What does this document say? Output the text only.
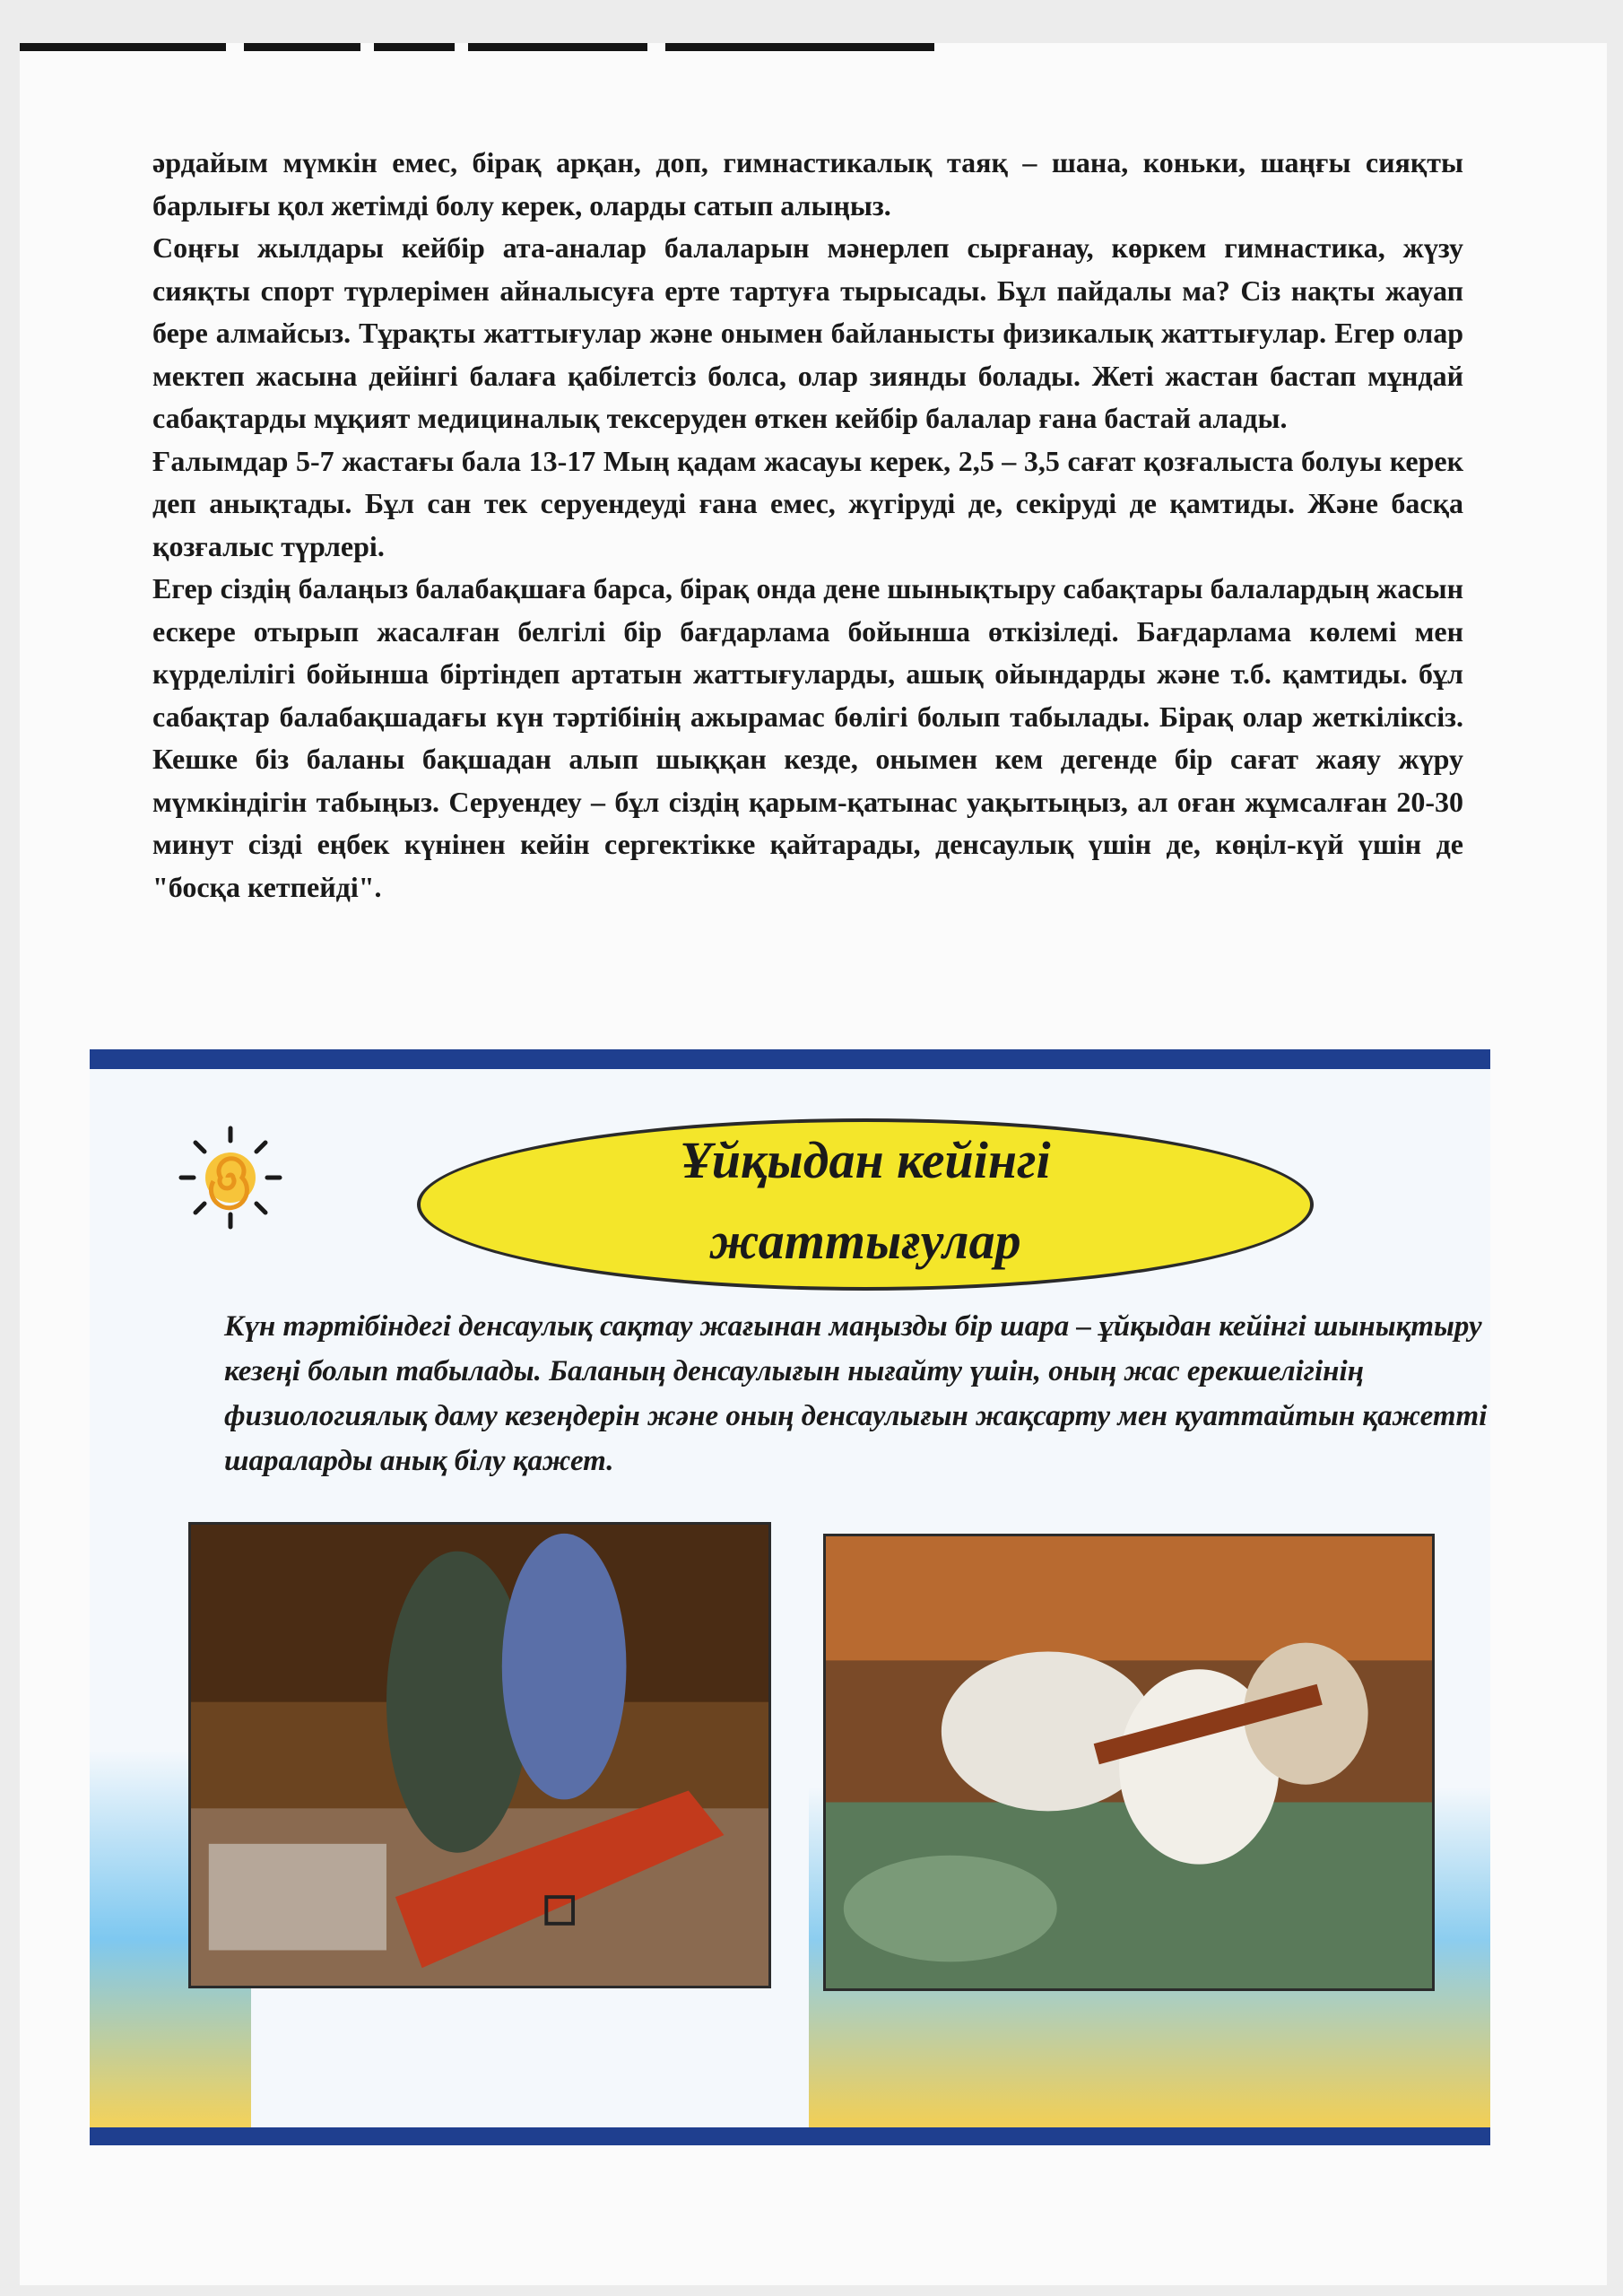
әрдайым мүмкін емес, бірақ арқан, доп, гимнастикалық таяқ – шана, коньки, шаңғы сияқты барлығы қол жетімді болу керек, оларды сатып алыңыз.

Соңғы жылдары кейбір ата-аналар балаларын мәнерлеп сырғанау, көркем гимнастика, жүзу сияқты спорт түрлерімен айналысуға ерте тартуға тырысады. Бұл пайдалы ма? Сіз нақты жауап бере алмайсыз. Тұрақты жаттығулар және онымен байланысты физикалық жаттығулар. Егер олар мектеп жасына дейінгі балаға қабілетсіз болса, олар зиянды болады. Жеті жастан бастап мұндай сабақтарды мұқият медициналық тексеруден өткен кейбір балалар ғана бастай алады.

Ғалымдар 5-7 жастағы бала 13-17 Мың қадам жасауы керек, 2,5 – 3,5 сағат қозғалыста болуы керек деп анықтады. Бұл сан тек серуендеуді ғана емес, жүгіруді де, секіруді де қамтиды. Және басқа қозғалыс түрлері.

Егер сіздің балаңыз балабақшаға барса, бірақ онда дене шынықтыру сабақтары балалардың жасын ескере отырып жасалған белгілі бір бағдарлама бойынша өткізіледі. Бағдарлама көлемі мен күрделілігі бойынша біртіндеп артатын жаттығуларды, ашық ойындарды және т.б. қамтиды. бұл сабақтар балабақшадағы күн тәртібінің ажырамас бөлігі болып табылады. Бірақ олар жеткіліксіз. Кешке біз баланы бақшадан алып шыққан кезде, онымен кем дегенде бір сағат жаяу жүру мүмкіндігін табыңыз. Серуендеу – бұл сіздің қарым-қатынас уақытыңыз, ал оған жұмсалған 20-30 минут сізді еңбек күнінен кейін сергектікке қайтарады, денсаулық үшін де, көңіл-күй үшін де "босқа кетпейді".

Ұйқыдан кейінгі
жаттығулар
Күн тәртібіндегі денсаулық сақтау жағынан маңызды бір шара – ұйқыдан кейінгі шынықтыру кезеңі болып табылады. Баланың денсаулығын нығайту үшін, оның жас ерекшелігінің физиологиялық даму кезеңдерін және оның денсаулығын жақсарту мен қуаттайтын қажетті шараларды анық білу қажет.
